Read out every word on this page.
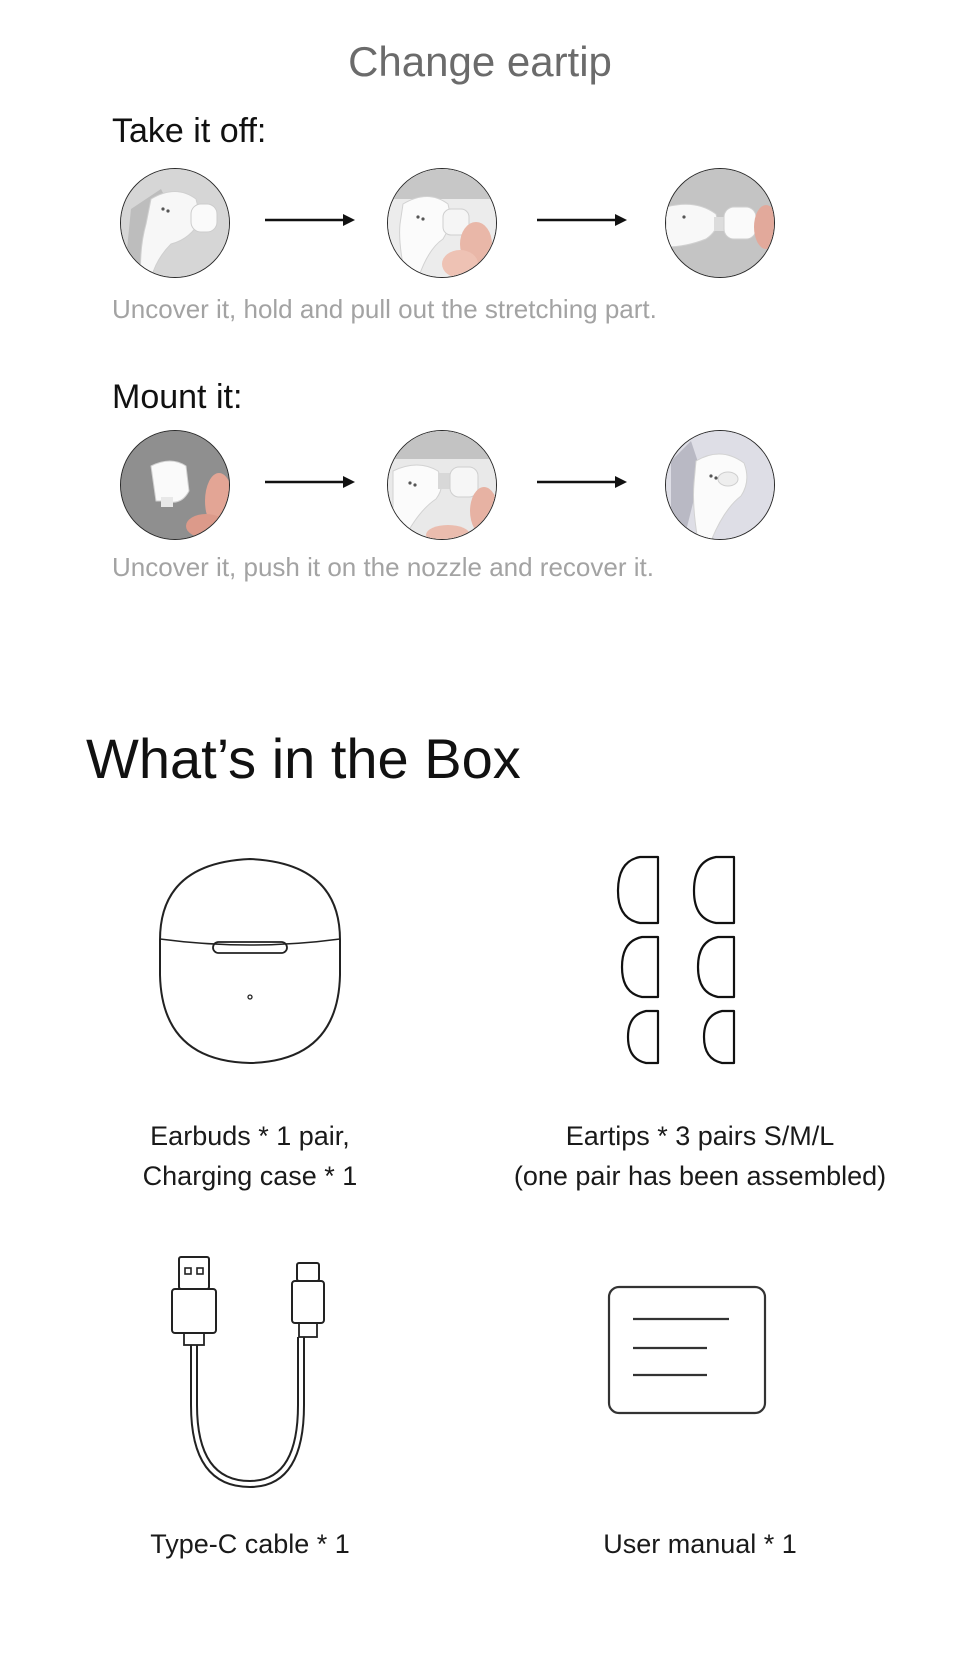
Change eartip
Take it off:
Uncover it, hold and pull out the stretching part.
Mount it:
Uncover it, push it on the nozzle and recover it.
What’s in the Box
Earbuds * 1 pair,
Charging case * 1
Eartips * 3 pairs S/M/L
(one pair has been assembled)
Type-C cable * 1	User manual * 1
